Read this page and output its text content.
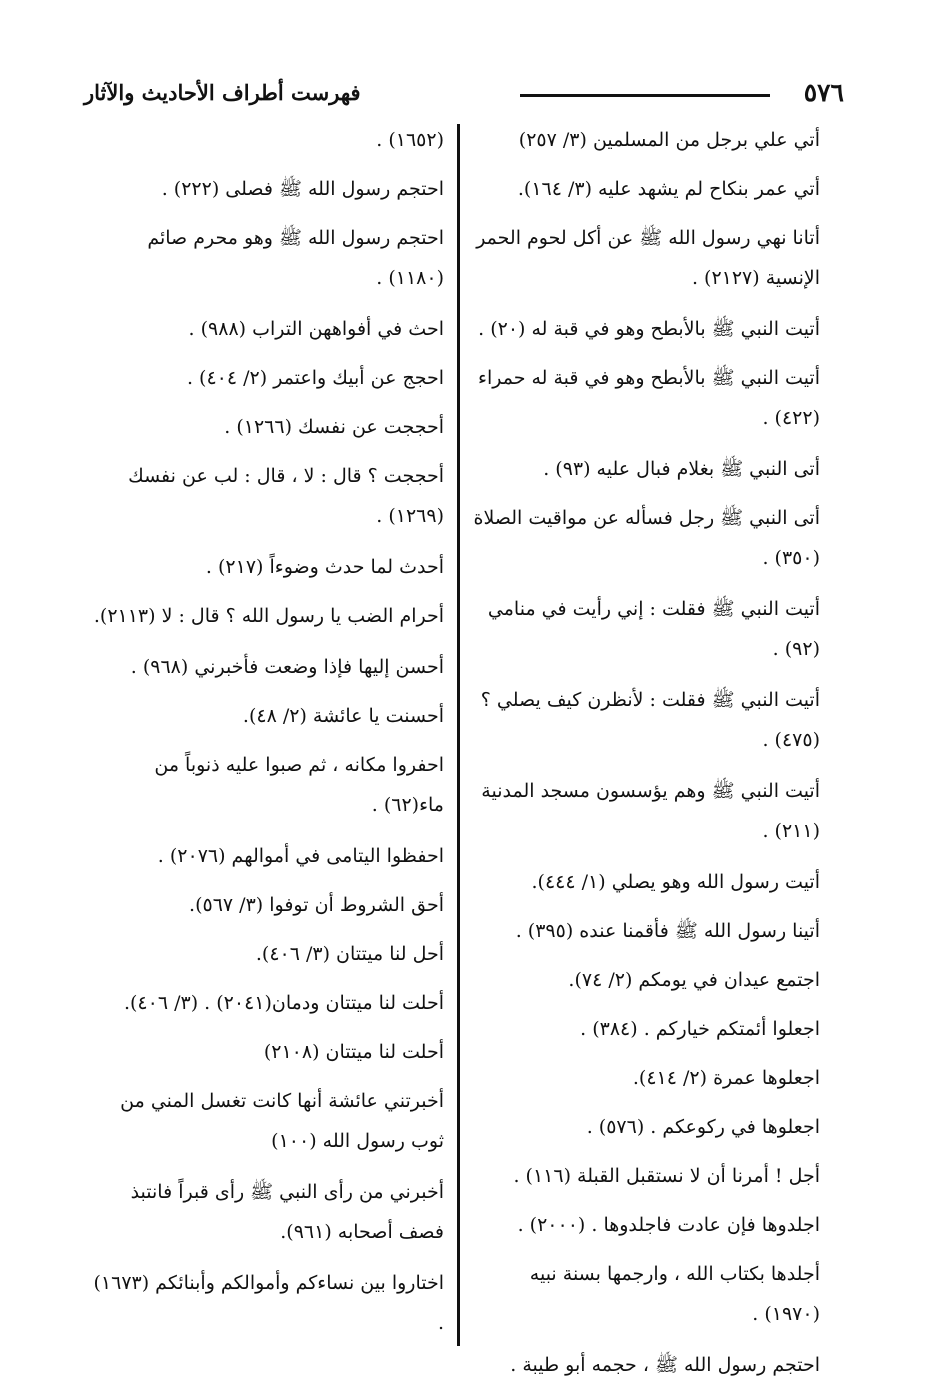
٥٧٦
فهرست أطراف الأحاديث والآثار
أتي علي برجل من المسلمين (٣/ ٢٥٧)
أتي عمر بنكاح لم يشهد عليه (٣/ ١٦٤).
أتانا نهي رسول الله ﷺ عن أكل لحوم الحمر الإنسية (٢١٢٧) .
أتيت النبي ﷺ بالأبطح وهو في قبة له (٢٠) .
أتيت النبي ﷺ بالأبطح وهو في قبة له حمراء (٤٢٢) .
أتى النبي ﷺ بغلام فبال عليه (٩٣) .
أتى النبي ﷺ رجل فسأله عن مواقيت الصلاة (٣٥٠) .
أتيت النبي ﷺ فقلت : إني رأيت في منامي (٩٢) .
أتيت النبي ﷺ فقلت : لأنظرن كيف يصلي ؟ (٤٧٥) .
أتيت النبي ﷺ وهم يؤسسون مسجد المدنية (٢١١) .
أتيت رسول الله وهو يصلي (١/ ٤٤٤).
أتينا رسول الله ﷺ فأقمنا عنده (٣٩٥) .
اجتمع عيدان في يومكم (٢/ ٧٤).
اجعلوا أئمتكم خياركم . (٣٨٤) .
اجعلوها عمرة (٢/ ٤١٤).
اجعلوها في ركوعكم . (٥٧٦) .
أجل ! أمرنا أن لا نستقبل القبلة (١١٦) .
اجلدوها فإن عادت فاجلدوها . (٢٠٠٠) .
أجلدها بكتاب الله ، وارجمها بسنة نبيه (١٩٧٠) .
احتجم رسول الله ﷺ ، حجمه أبو طيبة .
(١٦٥٢) .
احتجم رسول الله ﷺ فصلى (٢٢٢) .
احتجم رسول الله ﷺ وهو محرم صائم (١١٨٠) .
احث في أفواههن التراب (٩٨٨) .
احجج عن أبيك واعتمر (٢/ ٤٠٤) .
أحججت عن نفسك (١٢٦٦) .
أحججت ؟ قال : لا ، قال : لب عن نفسك (١٢٦٩) .
أحدث لما حدث وضوءاً (٢١٧) .
أحرام الضب يا رسول الله ؟ قال : لا (٢١١٣).
أحسن إليها فإذا وضعت فأخبرني (٩٦٨) .
أحسنت يا عائشة (٢/ ٤٨).
احفروا مكانه ، ثم صبوا عليه ذنوباً من ماء(٦٢) .
احفظوا اليتامى في أموالهم (٢٠٧٦) .
أحق الشروط أن توفوا (٣/ ٥٦٧).
أحل لنا ميتتان (٣/ ٤٠٦).
أحلت لنا ميتتان ودمان(٢٠٤١) . (٣/ ٤٠٦).
أحلت لنا ميتتان (٢١٠٨)
أخبرتني عائشة أنها كانت تغسل المني من ثوب رسول الله (١٠٠)
أخبرني من رأى النبي ﷺ رأى قبراً فانتبذ فصف أصحابه (٩٦١).
اختاروا بين نساءكم وأموالكم وأبنائكم (١٦٧٣) .
